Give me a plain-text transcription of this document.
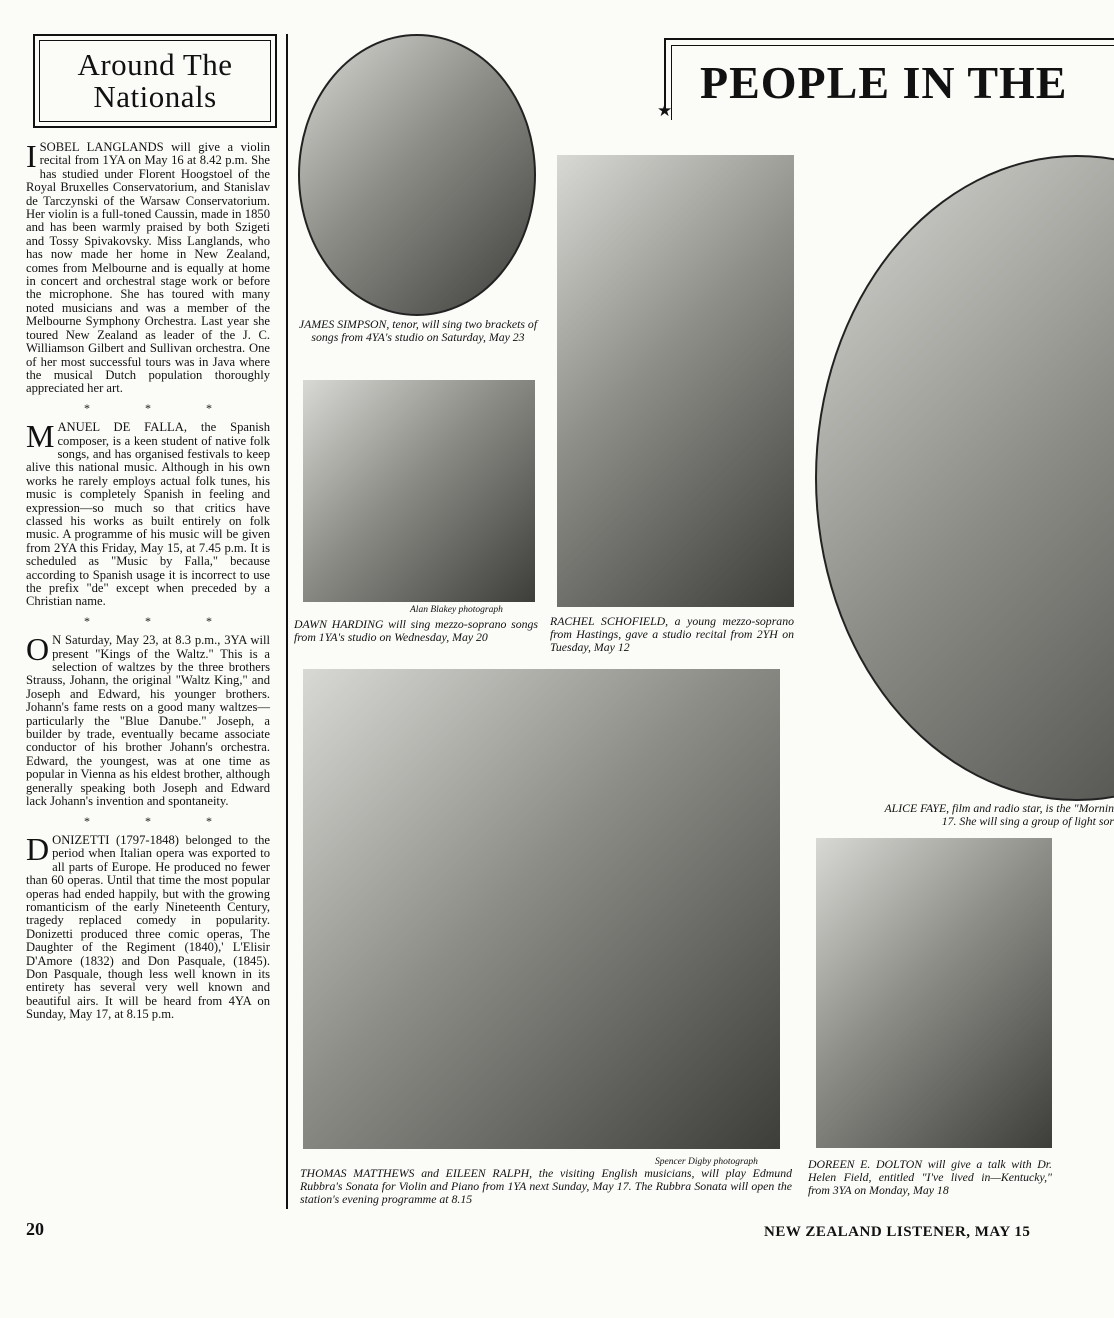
Around The
Nationals

ISOBEL LANGLANDS will give a violin recital from 1YA on May 16 at 8.42 p.m. She has studied under Florent Hoogstoel of the Royal Bruxelles Conservatorium, and Stanislav de Tarczynski of the Warsaw Conservatorium. Her violin is a full-toned Caussin, made in 1850 and has been warmly praised by both Szigeti and Tossy Spivakovsky. Miss Langlands, who has now made her home in New Zealand, comes from Melbourne and is equally at home in concert and orchestral stage work or before the microphone. She has toured with many noted musicians and was a member of the Melbourne Symphony Orchestra. Last year she toured New Zealand as leader of the J. C. Williamson Gilbert and Sullivan orchestra. One of her most successful tours was in Java where the musical Dutch population thoroughly appreciated her art.

* * *

MANUEL DE FALLA, the Spanish composer, is a keen student of native folk songs, and has organised festivals to keep alive this national music. Although in his own works he rarely employs actual folk tunes, his music is completely Spanish in feeling and expression—so much so that critics have classed his works as built entirely on folk music. A programme of his music will be given from 2YA this Friday, May 15, at 7.45 p.m. It is scheduled as "Music by Falla," because according to Spanish usage it is incorrect to use the prefix "de" except when preceded by a Christian name.

* * *

O N Saturday, May 23, at 8.3 p.m., 3YA will present "Kings of the Waltz." This is a selection of waltzes by the three brothers Strauss, Johann, the original "Waltz King," and Joseph and Edward, his younger brothers. Johann's fame rests on a good many waltzes—particularly the "Blue Danube." Joseph, a builder by trade, eventually became associate conductor of his brother Johann's orchestra. Edward, the youngest, was at one time as popular in Vienna as his eldest brother, although generally speaking both Joseph and Edward lack Johann's invention and spontaneity.

* * *

DONIZETTI (1797-1848) belonged to the period when Italian opera was exported to all parts of Europe. He produced no fewer than 60 operas. Until that time the most popular operas had ended happily, but with the growing romanticism of the early Nineteenth Century, tragedy replaced comedy in popularity. Donizetti produced three comic operas, The Daughter of the Regiment (1840),' L'Elisir D'Amore (1832) and Don Pasquale, (1845). Don Pasquale, though less well known in its entirety has several very well known and beautiful airs. It will be heard from 4YA on Sunday, May 17, at 8.15 p.m.

PEOPLE IN THE
★
JAMES SIMPSON, tenor, will sing two brackets of songs from 4YA's studio on Saturday, May 23
Alan Blakey photograph
DAWN HARDING will sing mezzo-soprano songs from 1YA's studio on Wednesday, May 20
RACHEL SCHOFIELD, a young mezzo-soprano from Hastings, gave a studio recital from 2YH on Tuesday, May 12
ALICE FAYE, film and radio star, is the "Mornin
17. She will sing a group of light sor
Spencer Digby photograph
THOMAS MATTHEWS and EILEEN RALPH, the visiting English musicians, will play Edmund Rubbra's Sonata for Violin and Piano from 1YA next Sunday, May 17. The Rubbra Sonata will open the station's evening programme at 8.15
DOREEN E. DOLTON will give a talk with Dr. Helen Field, entitled "I've lived in—Kentucky," from 3YA on Monday, May 18
20	NEW ZEALAND LISTENER, MAY 15
